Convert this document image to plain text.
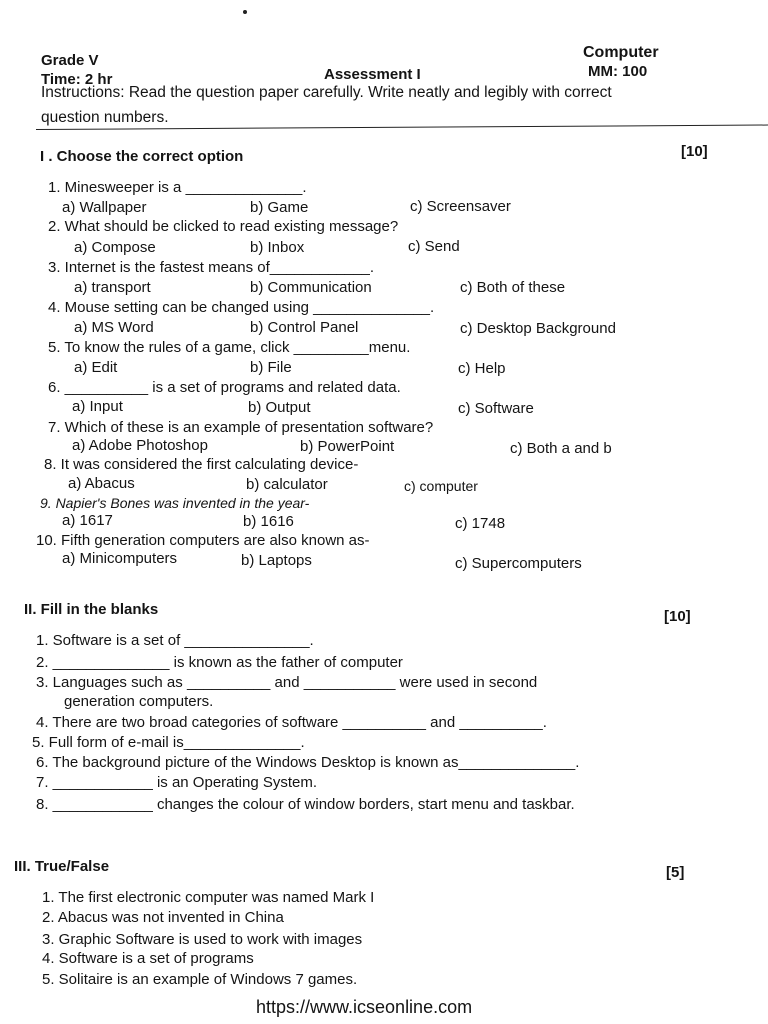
Grade V
Time: 2 hr	Assessment I
Computer
MM: 100
Instructions: Read the question paper carefully. Write neatly and legibly with correct
question numbers.
I . Choose the correct option	[10]
1. Minesweeper is a ______________.
a) Wallpaper	b) Game	c) Screensaver
2. What should be clicked to read existing message?
a) Compose	b) Inbox	c) Send
3. Internet is the fastest means of____________.
a) transport	b) Communication	c) Both of these
4. Mouse setting can be changed using ______________.
a) MS Word	b) Control Panel	c) Desktop Background
5. To know the rules of a game, click _________menu.
a) Edit	b) File	c) Help
6. __________ is a set of programs and related data.
a) Input	b) Output	c) Software
7. Which of these is an example of presentation software?
a) Adobe Photoshop	b) PowerPoint	c) Both a and b
8. It was considered the first calculating device-
a) Abacus	b) calculator	c) computer
9. Napier's Bones was invented in the year-
a) 1617	b) 1616	c) 1748
10. Fifth generation computers are also known as-
a) Minicomputers	b) Laptops	c) Supercomputers
II. Fill in the blanks	[10]
1. Software is a set of _______________.
2. ______________ is known as the father of computer
3. Languages such as __________ and ___________ were used in second
generation computers.
4. There are two broad categories of software __________ and __________.
5. Full form of e-mail is______________.
6. The background picture of the Windows Desktop is known as______________.
7. ____________ is an Operating System.
8. ____________ changes the colour of window borders, start menu and taskbar.
III. True/False	[5]
1. The first electronic computer was named Mark I
2. Abacus was not invented in China
3. Graphic Software is used to work with images
4. Software is a set of programs
5. Solitaire is an example of Windows 7 games.
https://www.icseonline.com
